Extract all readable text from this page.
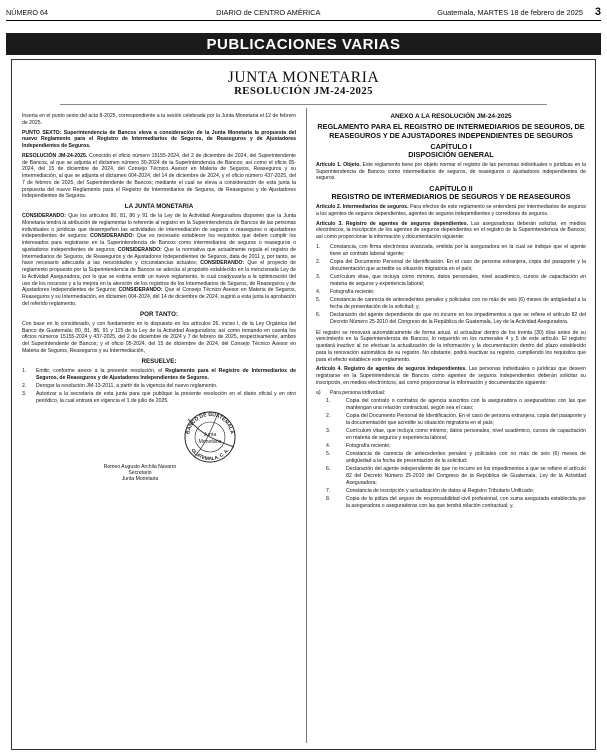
NÚMERO 64	DIARIO de CENTRO AMÉRICA	Guatemala, MARTES 18 de febrero de 2025	3
PUBLICACIONES VARIAS
JUNTA MONETARIA
RESOLUCIÓN JM-24-2025

Inserta en el punto sexto del acta 8-2025, correspondiente a la sesión celebrada por la Junta Monetaria el 12 de febrero de 2025.

PUNTO SEXTO: Superintendencia de Bancos eleva a consideración de la Junta Monetaria la propuesta del nuevo Reglamento para el Registro de Intermediarios de Seguros, de Reaseguros y de Ajustadores Independientes de Seguros.

RESOLUCIÓN JM-24-2025. Conocido el oficio número 15155-2024, del 2 de diciembre de 2024, del Superintendente de Bancos, al que se adjunta el dictamen número 30-2024 de la Superintendencia de Bancos; así como el oficio 05-2024, del 15 de diciembre de 2024, del Consejo Técnico Asesor en Materia de Seguros, Reaseguros y su Intermediación, al que se adjunta el dictamen 004-2024, del 14 de diciembre de 2024, y el oficio número 437-2025, del 7 de febrero de 2025, del Superintendente de Bancos; mediante el cual se eleva a consideración de esta junta la propuesta del nuevo Reglamento para el Registro de Intermediarios de Seguros, de Reaseguros y de Ajustadores Independientes de Seguros.

LA JUNTA MONETARIA

CONSIDERANDO: Que los artículos 80, 81, 86 y 91 de la Ley de la Actividad Aseguradora disponen que la Junta Monetaria tendrá la atribución de reglamentar lo referente al registro en la Superintendencia de Bancos de las personas individuales o jurídicas que desempeñen las actividades de intermediación de seguros o reaseguros o ajustadores independientes de seguros; CONSIDERANDO: Que es necesario establecer los requisitos que deben cumplir los interesados para registrarse en la Superintendencia de Bancos como intermediarios de seguros o reaseguros o ajustadores independientes de seguros; CONSIDERANDO: Que la normativa que actualmente regula el registro de Intermediarios de Seguros, de Reaseguros y de Ajustadores Independientes de Seguros, data de 2011 y, por tanto, se hace necesario adecuarla a las necesidades y circunstancias actuales; CONSIDERANDO: Que el proyecto de reglamento propuesto por la Superintendencia de Bancos se adecúa al propósito establecido en la mencionada Ley de la Actividad Aseguradora, por lo que se estima emitir un nuevo reglamento, lo cual coadyuvaría a la optimización del uso de los recursos y a la mejora en la atención de los registros de los Intermediarios de Seguros, de Reaseguros y de Ajustadores Independientes de Seguros; CONSIDERANDO: Que el Consejo Técnico Asesor en Materia de Seguros, Reaseguros y su Intermediación, en dictamen 004-2024, del 14 de diciembre de 2024, sugirió a esta junta la aprobación del referido reglamento,

POR TANTO:

Con base en lo considerado, y con fundamento en lo dispuesto en los artículos 26, inciso l, de la Ley Orgánica del Banco de Guatemala; 80, 81, 86, 91 y 115 de la Ley de la Actividad Aseguradora; así como tomando en cuenta los oficios números 15155-2024 y 437-2025, del 2 de diciembre de 2024 y 7 de febrero de 2025, respectivamente, ambos del Superintendente de Bancos; y el oficio 05-2024, del 15 de diciembre de 2024, del Consejo Técnico Asesor en Materia de Seguros, Reaseguros y su Intermediación,

RESUELVE:

1.	Emitir, conforme anexo a la presente resolución, el Reglamento para el Registro de Intermediarios de Seguros, de Reaseguros y de Ajustadores Independientes de Seguros.
2.	Derogar la resolución JM-13-2011, a partir de la vigencia del nuevo reglamento.
3.	Autorizar a la secretaría de esta junta para que publique la presente resolución en el diario oficial y en otro periódico, la cual entrará en vigencia el 1 de julio de 2025.
BANCO DE GUATEMALA
GUATEMALA, C. A.
Junta
Monetaria
Romeo Augusto Archila Navarro
Secretario
Junta Monetaria

ANEXO A LA RESOLUCIÓN JM-24-2025

REGLAMENTO PARA EL REGISTRO DE INTERMEDIARIOS DE SEGUROS, DE REASEGUROS Y DE AJUSTADORES INDEPENDIENTES DE SEGUROS

CAPÍTULO I

DISPOSICIÓN GENERAL

Artículo 1. Objeto. Este reglamento tiene por objeto normar el registro de las personas individuales o jurídicas en la Superintendencia de Bancos como intermediarios de seguros, de reaseguros o ajustadores independientes de seguros.

CAPÍTULO II

REGISTRO DE INTERMEDIARIOS DE SEGUROS Y DE REASEGUROS

Artículo 2. Intermediarios de seguros. Para efectos de este reglamento se entenderá por intermediarios de seguros a los agentes de seguros dependientes, agentes de seguros independientes y corredores de seguros.

Artículo 3. Registro de agentes de seguros dependientes. Las aseguradoras deberán solicitar, en medios electrónicos, la inscripción de los agentes de seguros dependientes en el registro de la Superintendencia de Bancos; así como proporcionar la información y documentación siguiente:

1.	Constancia, con firma electrónica avanzada, emitida por la aseguradora en la cual se indique que el agente tiene un contrato laboral vigente;
2.	Copia del Documento Personal de Identificación. En el caso de persona extranjera, copia del pasaporte y la documentación que acredite su situación migratoria en el país;
3.	Currículum vitae, que incluya como mínimo, datos personales, nivel académico, cursos de capacitación en materia de seguros y experiencia laboral;
4.	Fotografía reciente;
5.	Constancia de carencia de antecedentes penales y policiales con no más de seis (6) meses de antigüedad a la fecha de presentación de la solicitud; y,
6.	Declaración del agente dependiente de que no incurre en los impedimentos a que se refiere el artículo 82 del Decreto Número 25-2010 del Congreso de la República de Guatemala, Ley de la Actividad Aseguradora.

El registro se renovará automáticamente de forma anual, al actualizar dentro de los treinta (30) días antes de su vencimiento en la Superintendencia de Bancos, lo requerido en los numerales 4 y 5 de este artículo. El registro quedará inactivo al no efectuar la actualización de la información y la documentación dentro del plazo establecido para la renovación automática de su registro. No obstante, podrá reactivar su registro, cumpliendo los requisitos que para el efecto establece este reglamento.

Artículo 4. Registro de agentes de seguros independientes. Las personas individuales o jurídicas que deseen registrarse en la Superintendencia de Bancos como agentes de seguros independientes deberán solicitar su inscripción, en medios electrónicos; así como proporcionar la información y documentación siguiente:

a)	Para persona individual:
1.	Copia del contrato o contratos de agencia suscritos con la aseguradora o aseguradoras con las que mantengan una relación contractual, según sea el caso;
2.	Copia del Documento Personal de Identificación. En el caso de persona extranjera, copia del pasaporte y la documentación que acredite su situación migratoria en el país;
3.	Currículum vitae, que incluya como mínimo, datos personales, nivel académico, cursos de capacitación en materia de seguros y experiencia laboral;
4.	Fotografía reciente;
5.	Constancia de carencia de antecedentes penales y policiales con no más de seis (6) meses de antigüedad a la fecha de presentación de la solicitud;
6.	Declaración del agente independiente de que no incurre en los impedimentos a que se refiere el artículo 82 del Decreto Número 25-2010 del Congreso de la República de Guatemala, Ley de la Actividad Aseguradora;
7.	Constancia de inscripción y actualización de datos al Registro Tributario Unificado;
8.	Copia de la póliza del seguro de responsabilidad civil profesional, con suma asegurada establecida por la aseguradora o aseguradoras con las que tendrá relación contractual; y,
